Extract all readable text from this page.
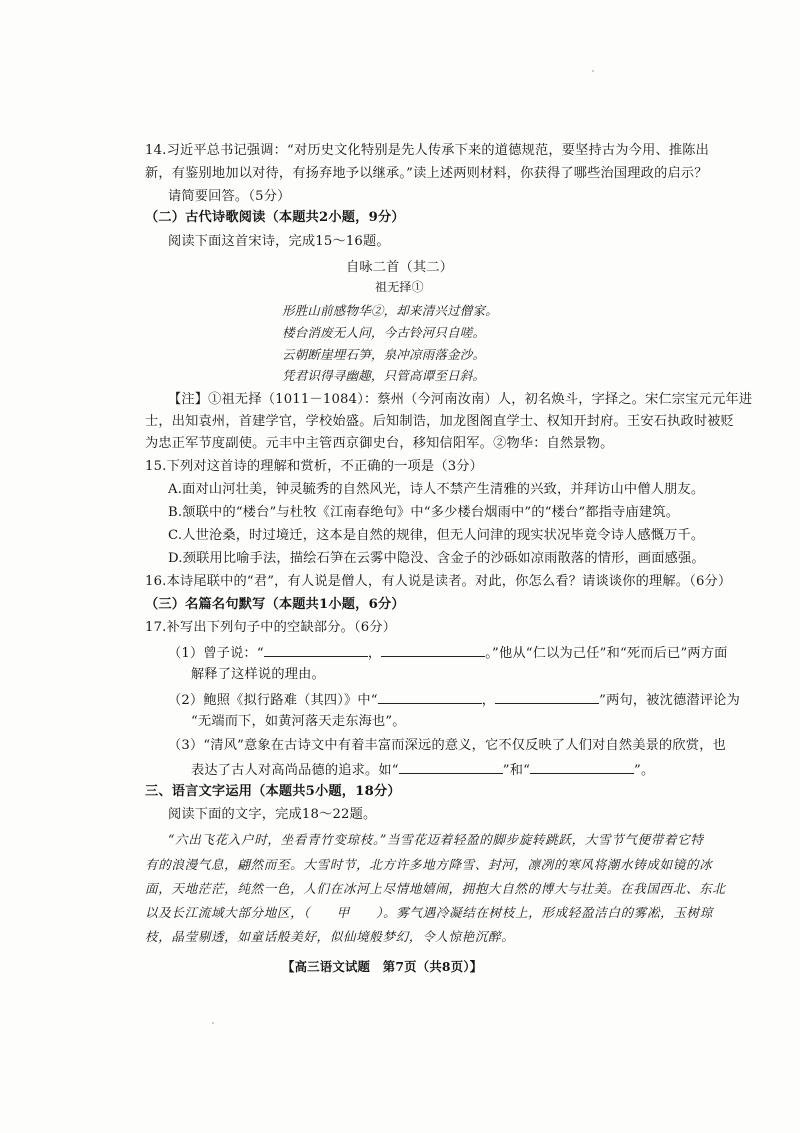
14.习近平总书记强调：“对历史文化特别是先人传承下来的道德规范，要坚持古为今用、推陈出
新，有鉴别地加以对待，有扬弃地予以继承。”读上述两则材料，你获得了哪些治国理政的启示？
请简要回答。（5分）
（二）古代诗歌阅读（本题共2小题，9分）
阅读下面这首宋诗，完成15～16题。
自咏二首（其二）
祖无择①
形胜山前感物华②，却来清兴过僧家。
楼台消废无人问，今古铃河只自嗟。
云朝断崖埋石笋，泉冲凉雨落金沙。
凭君识得寻幽趣，只管高谭至日斜。
【注】①祖无择（1011－1084）：蔡州（今河南汝南）人，初名焕斗，字择之。宋仁宗宝元元年进
士，出知袁州，首建学官，学校始盛。后知制诰，加龙图阁直学士、权知开封府。王安石执政时被贬
为忠正军节度副使。元丰中主管西京御史台，移知信阳军。②物华：自然景物。
15.下列对这首诗的理解和赏析，不正确的一项是（3分）
A.面对山河壮美，钟灵毓秀的自然风光，诗人不禁产生清雅的兴致，并拜访山中僧人朋友。
B.颔联中的“楼台”与杜牧《江南春绝句》中“多少楼台烟雨中”的“楼台”都指寺庙建筑。
C.人世沧桑，时过境迁，这本是自然的规律，但无人问津的现实状况毕竟令诗人感慨万千。
D.颈联用比喻手法，描绘石笋在云雾中隐没、含金子的沙砾如凉雨散落的情形，画面感强。
16.本诗尾联中的“君”，有人说是僧人，有人说是读者。对此，你怎么看？请谈谈你的理解。（6分）
（三）名篇名句默写（本题共1小题，6分）
17.补写出下列句子中的空缺部分。（6分）
（1）曾子说：“	，	。”他从“仁以为己任”和“死而后已”两方面
解释了这样说的理由。
（2）鲍照《拟行路难（其四）》中“	，	”两句，被沈德潜评论为
“无端而下，如黄河落天走东海也”。
（3）“清风”意象在古诗文中有着丰富而深远的意义，它不仅反映了人们对自然美景的欣赏，也
表达了古人对高尚品德的追求。如“	”和“	”。
三、语言文字运用（本题共5小题，18分）
阅读下面的文字，完成18～22题。
“六出飞花入户时，坐看青竹变琼枝。”当雪花迈着轻盈的脚步旋转跳跃，大雪节气便带着它特
有的浪漫气息，翩然而至。大雪时节，北方许多地方降雪、封河，凛冽的寒风将潮水铸成如镜的冰
面，天地茫茫，纯然一色，人们在冰河上尽情地嬉闹，拥抱大自然的博大与壮美。在我国西北、东北
以及长江流域大部分地区，（　　甲　　）。雾气遇冷凝结在树枝上，形成轻盈洁白的雾凇，玉树琼
枝，晶莹剔透，如童话般美好，似仙境般梦幻，令人惊艳沉醉。
【高三语文试题　第7页（共8页）】
